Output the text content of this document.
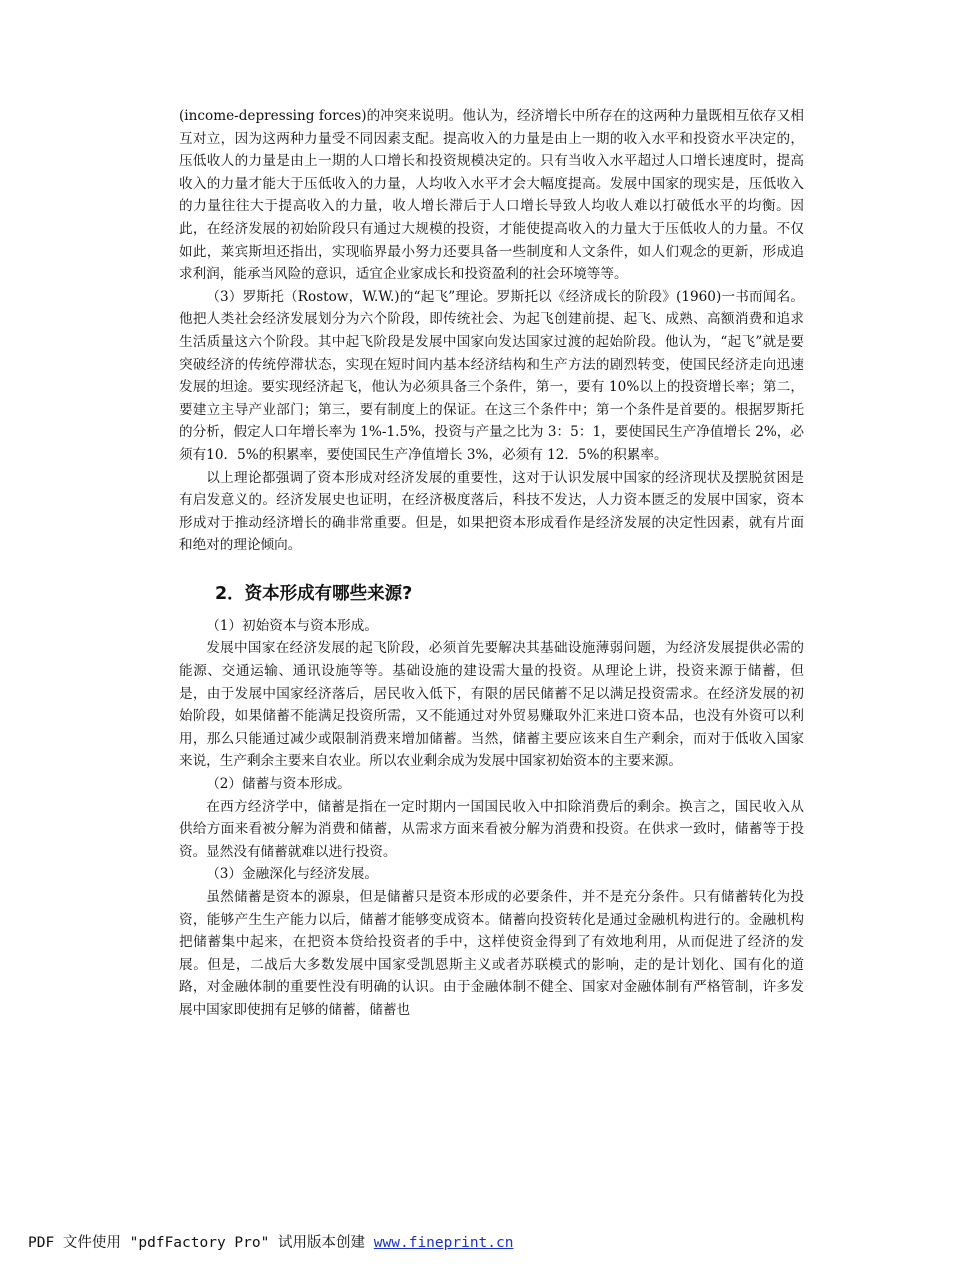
(income-depressing forces)的冲突来说明。他认为，经济增长中所存在的这两种力量既相互依存又相互对立，因为这两种力量受不同因素支配。提高收入的力量是由上一期的收入水平和投资水平决定的，压低收人的力量是由上一期的人口增长和投资规模决定的。只有当收入水平超过人口增长速度时，提高收入的力量才能大于压低收入的力量，人均收入水平才会大幅度提高。发展中国家的现实是，压低收入的力量往往大于提高收入的力量，收人增长滞后于人口增长导致人均收人难以打破低水平的均衡。因此，在经济发展的初始阶段只有通过大规模的投资，才能使提高收入的力量大于压低收人的力量。不仅如此，莱宾斯坦还指出，实现临界最小努力还要具备一些制度和人文条件，如人们观念的更新，形成追求利润，能承当风险的意识，适宜企业家成长和投资盈利的社会环境等等。

（3）罗斯托（Rostow，W.W.)的“起飞”理论。罗斯托以《经济成长的阶段》(1960)一书而闻名。他把人类社会经济发展划分为六个阶段，即传统社会、为起飞创建前提、起飞、成熟、高额消费和追求生活质量这六个阶段。其中起飞阶段是发展中国家向发达国家过渡的起始阶段。他认为，“起飞”就是要突破经济的传统停滞状态，实现在短时间内基本经济结构和生产方法的剧烈转变，使国民经济走向迅速发展的坦途。要实现经济起飞，他认为必须具备三个条件，第一，要有 10%以上的投资增长率；第二，要建立主导产业部门；第三，要有制度上的保证。在这三个条件中；第一个条件是首要的。根据罗斯托的分析，假定人口年增长率为 1%-1.5%，投资与产量之比为 3：5：1，要使国民生产净值增长 2%，必须有10．5%的积累率，要使国民生产净值增长 3%，必须有 12．5%的积累率。

以上理论都强调了资本形成对经济发展的重要性，这对于认识发展中国家的经济现状及摆脱贫困是有启发意义的。经济发展史也证明，在经济极度落后，科技不发达，人力资本匮乏的发展中国家，资本形成对于推动经济增长的确非常重要。但是，如果把资本形成看作是经济发展的决定性因素，就有片面和绝对的理论倾向。

2．资本形成有哪些来源?

（1）初始资本与资本形成。

发展中国家在经济发展的起飞阶段，必须首先要解决其基础设施薄弱问题，为经济发展提供必需的能源、交通运输、通讯设施等等。基础设施的建设需大量的投资。从理论上讲，投资来源于储蓄，但是，由于发展中国家经济落后，居民收入低下，有限的居民储蓄不足以满足投资需求。在经济发展的初始阶段，如果储蓄不能满足投资所需，又不能通过对外贸易赚取外汇来进口资本品，也没有外资可以利用，那么只能通过减少或限制消费来增加储蓄。当然，储蓄主要应该来自生产剩余，而对于低收入国家来说，生产剩余主要来自农业。所以农业剩余成为发展中国家初始资本的主要来源。

（2）储蓄与资本形成。

在西方经济学中，储蓄是指在一定时期内一国国民收入中扣除消费后的剩余。换言之，国民收入从供给方面来看被分解为消费和储蓄，从需求方面来看被分解为消费和投资。在供求一致时，储蓄等于投资。显然没有储蓄就难以进行投资。

（3）金融深化与经济发展。

虽然储蓄是资本的源泉，但是储蓄只是资本形成的必要条件，并不是充分条件。只有储蓄转化为投资，能够产生生产能力以后，储蓄才能够变成资本。储蓄向投资转化是通过金融机构进行的。金融机构把储蓄集中起来，在把资本贷给投资者的手中，这样使资金得到了有效地利用，从而促进了经济的发展。但是，二战后大多数发展中国家受凯恩斯主义或者苏联模式的影响，走的是计划化、国有化的道路，对金融体制的重要性没有明确的认识。由于金融体制不健全、国家对金融体制有严格管制，许多发展中国家即使拥有足够的储蓄，储蓄也

PDF 文件使用 "pdfFactory Pro" 试用版本创建 www.fineprint.cn
